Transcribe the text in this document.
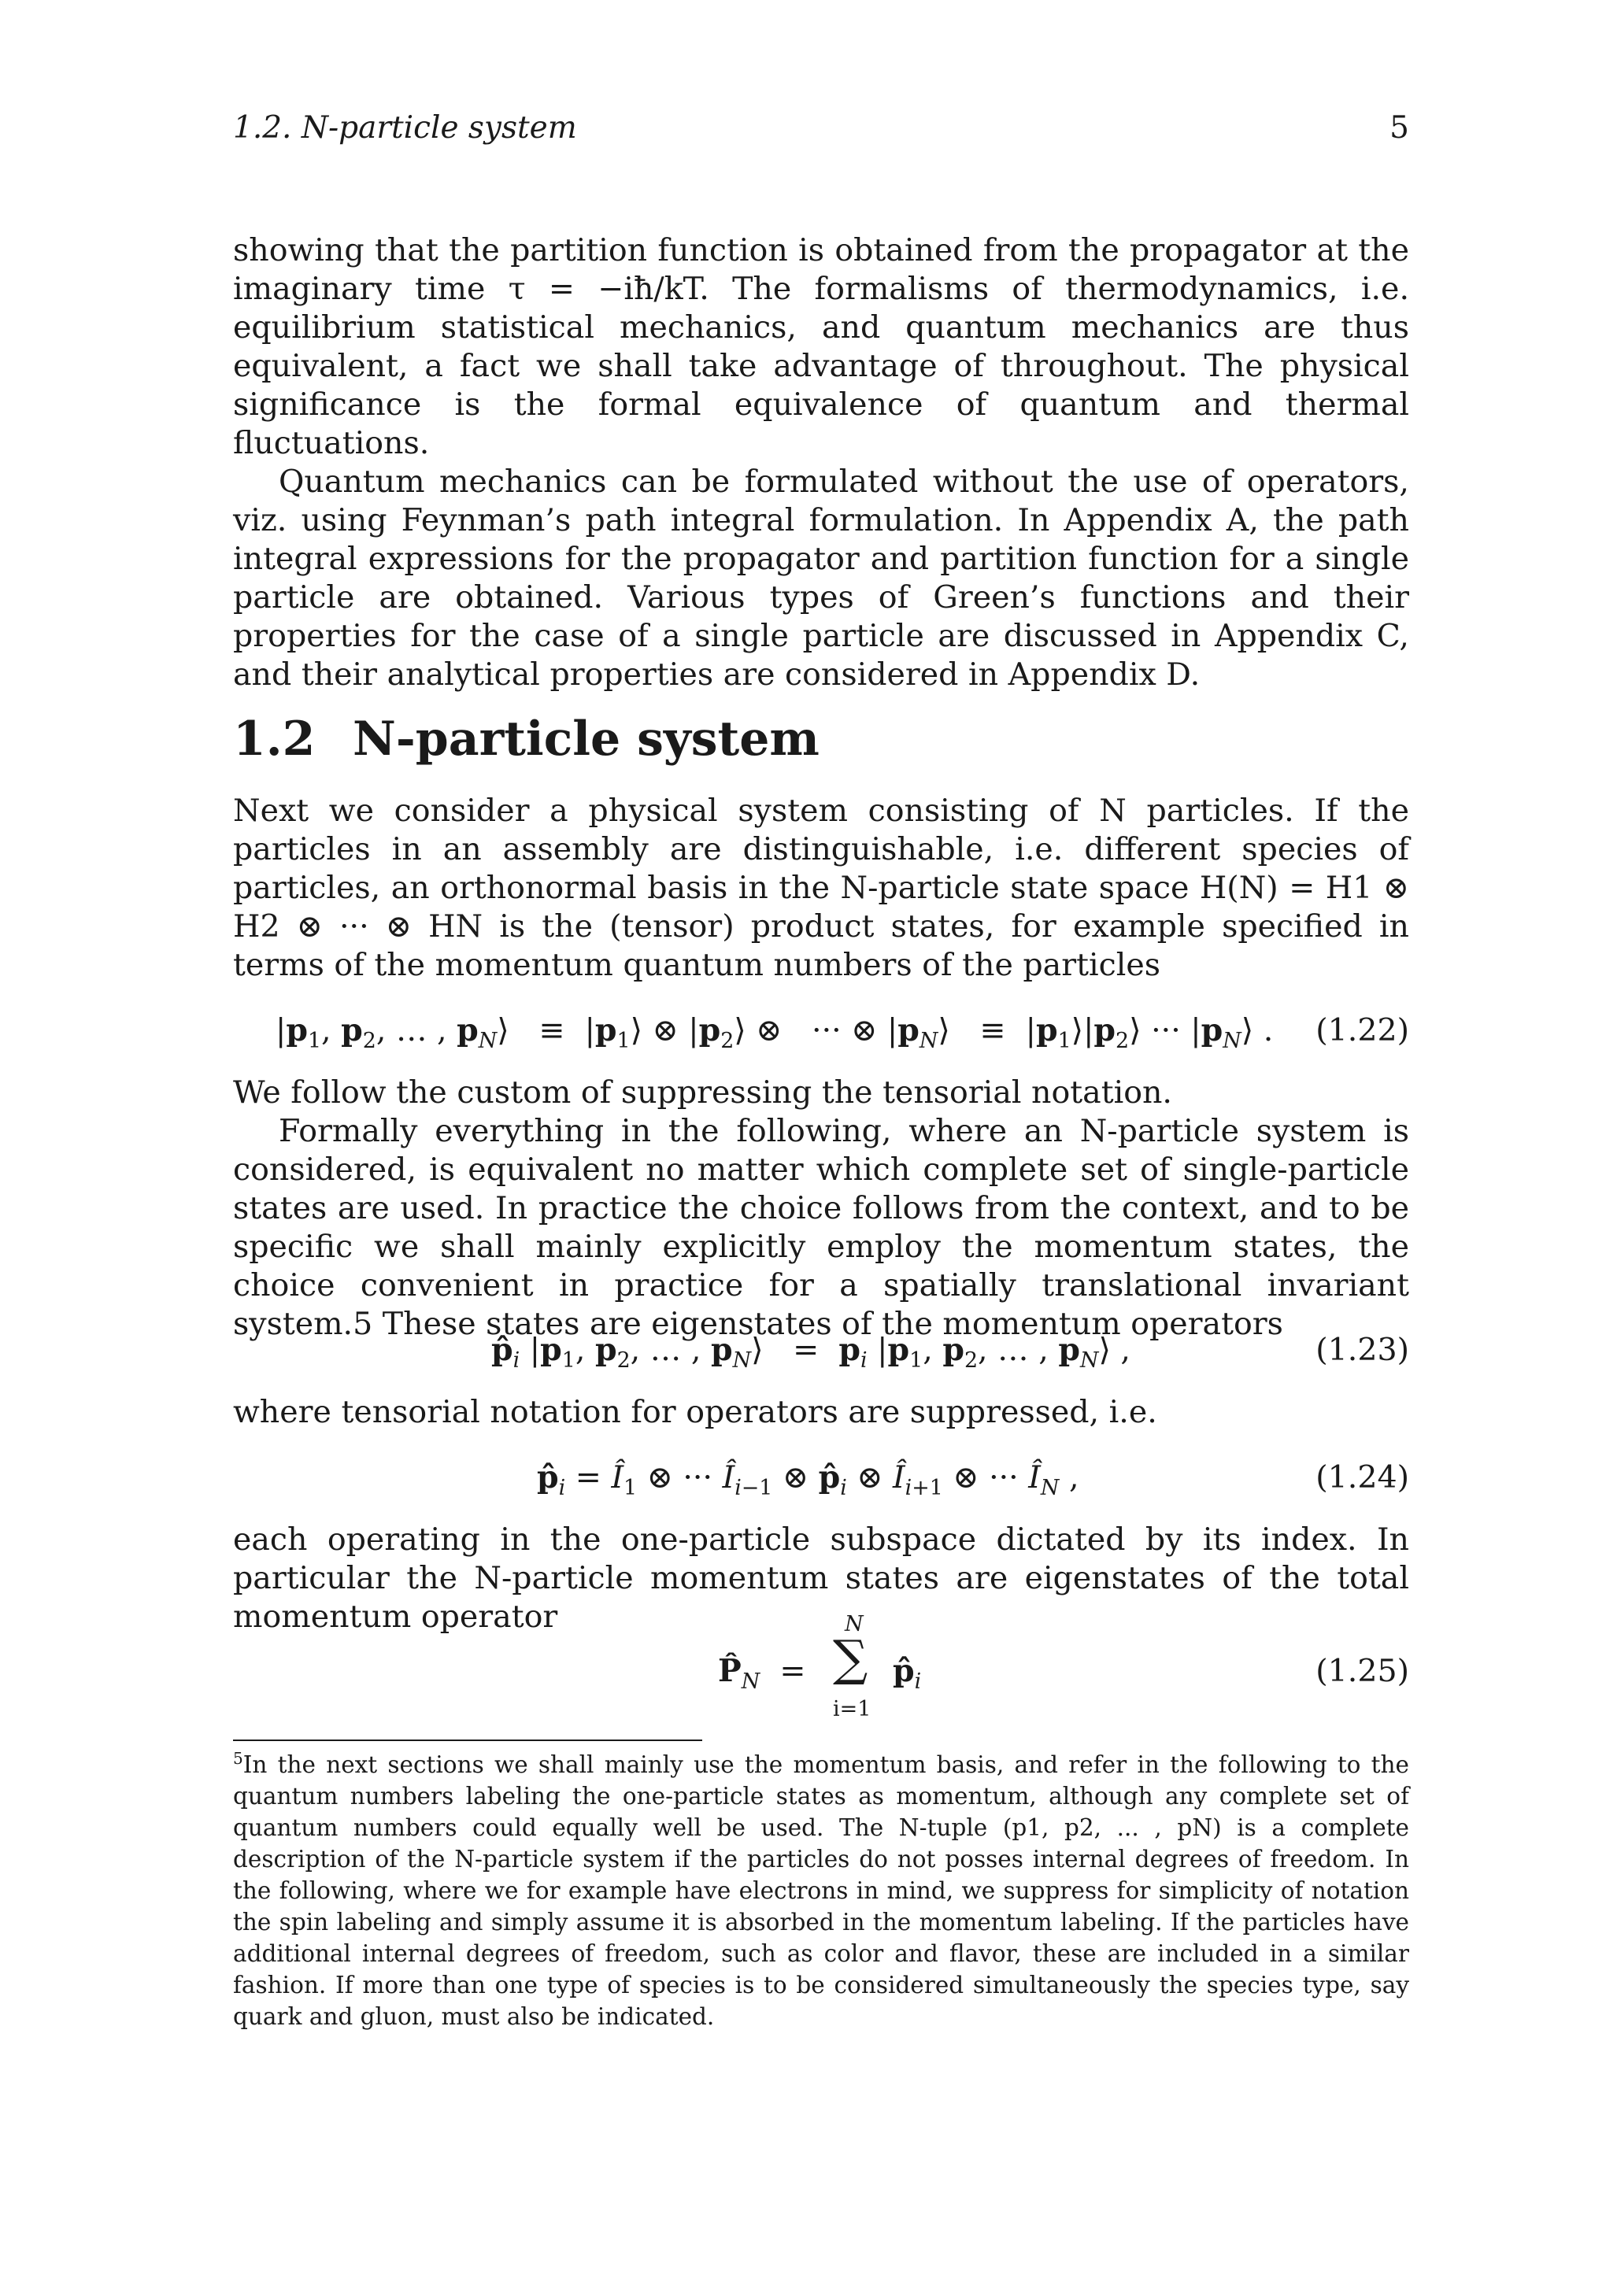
1.2. N-particle system	5

showing that the partition function is obtained from the propagator at the imaginary time τ = −iħ/kT. The formalisms of thermodynamics, i.e. equilibrium statistical mechanics, and quantum mechanics are thus equivalent, a fact we shall take advantage of throughout. The physical significance is the formal equivalence of quantum and thermal fluctuations.

Quantum mechanics can be formulated without the use of operators, viz. using Feynman’s path integral formulation. In Appendix A, the path integral expressions for the propagator and partition function for a single particle are obtained. Various types of Green’s functions and their properties for the case of a single particle are discussed in Appendix C, and their analytical properties are considered in Appendix D.

1.2 N-particle system

Next we consider a physical system consisting of N particles. If the particles in an assembly are distinguishable, i.e. different species of particles, an orthonormal basis in the N-particle state space H(N) = H1 ⊗ H2 ⊗ ··· ⊗ HN is the (tensor) product states, for example specified in terms of the momentum quantum numbers of the particles

$|p_1$, $p_2$, … , $p_N⟩$   ≡  $|p_1⟩$ ⊗ $|p_2⟩$ ⊗   ··· ⊗ $|p_N⟩$   ≡  $|p_1⟩|p_2⟩$ ··· $|p_N⟩$ . (1.22)

We follow the custom of suppressing the tensorial notation.

Formally everything in the following, where an N-particle system is considered, is equivalent no matter which complete set of single-particle states are used. In practice the choice follows from the context, and to be specific we shall mainly explicitly employ the momentum states, the choice convenient in practice for a spatially translational invariant system.5 These states are eigenstates of the momentum operators

$p̂_i$ $|p_1$, $p_2$, … , $p_N⟩ = p_i$ $|p_1$, $p_2$, … , $p_N⟩$ ,	(1.23)

where tensorial notation for operators are suppressed, i.e.

$p̂_i$ = $Î_1$ ⊗ ··· $Î_{i-1}$ ⊗ $p̂_i$ ⊗ $Î_{i+1}$ ⊗ ··· $Î_N$ ,	(1.24)

each operating in the one-particle subspace dictated by its index. In particular the N-particle momentum states are eigenstates of the total momentum operator

$P̂_N$  =
N
∑
i=1
$p̂_i$	(1.25)
$^5$In the next sections we shall mainly use the momentum basis, and refer in the following to the quantum numbers labeling the one-particle states as momentum, although any complete set of quantum numbers could equally well be used. The N-tuple (p1, p2, ... , pN) is a complete description of the N-particle system if the particles do not posses internal degrees of freedom. In the following, where we for example have electrons in mind, we suppress for simplicity of notation the spin labeling and simply assume it is absorbed in the momentum labeling. If the particles have additional internal degrees of freedom, such as color and flavor, these are included in a similar fashion. If more than one type of species is to be considered simultaneously the species type, say quark and gluon, must also be indicated.
